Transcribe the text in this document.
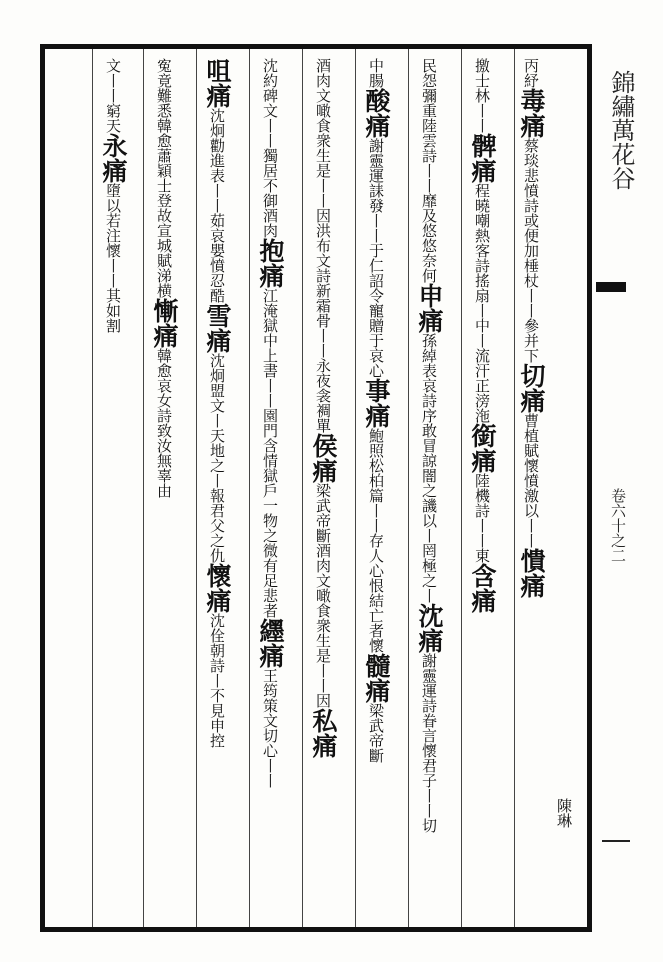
錦繡萬花谷
卷六十之二
陳琳
丙紓毒痛蔡琰悲憤詩或便加棰杖丨丨參并下切痛曹植賦懷憤激以丨丨憒痛
撽士林丨丨髀痛程曉嘲熱客詩搖扇丨中丨流汗正滂沲銜痛陸機詩丨丨東含痛
民怨彌重陸雲詩丨丨靡及悠悠奈何申痛孫綽表哀詩序敢冒諒闇之譏以丨罔極之丨沈痛謝靈運詩眷言懷君子丨丨切
中腸酸痛謝靈運誄發丨丨于仁詔令寵贈于哀心事痛鮑照松柏篇丨丨存人心恨結亡者懷髓痛梁武帝斷
酒肉文噉食衆生是丨丨因洪布文詩新霜骨丨丨永夜衾裯單侯痛梁武帝斷酒肉文噉食衆生是丨丨因私痛
沈約碑文丨丨獨居不御酒肉抱痛江淹獄中上書丨丨園門含情獄戶一物之微有足悲者纆痛王筠策文切心丨丨
咀痛沈炯勸進表丨丨茹哀嬰憤忍酷雪痛沈炯盟文丨天地之丨報君父之仇懷痛沈佺朝詩丨不見申控
寃竟難悉韓愈蕭穎士登故宣城賦涕横慚痛韓愈哀女詩致汝無辜由
文丨丨窮天永痛墮以若注懷丨丨其如割
